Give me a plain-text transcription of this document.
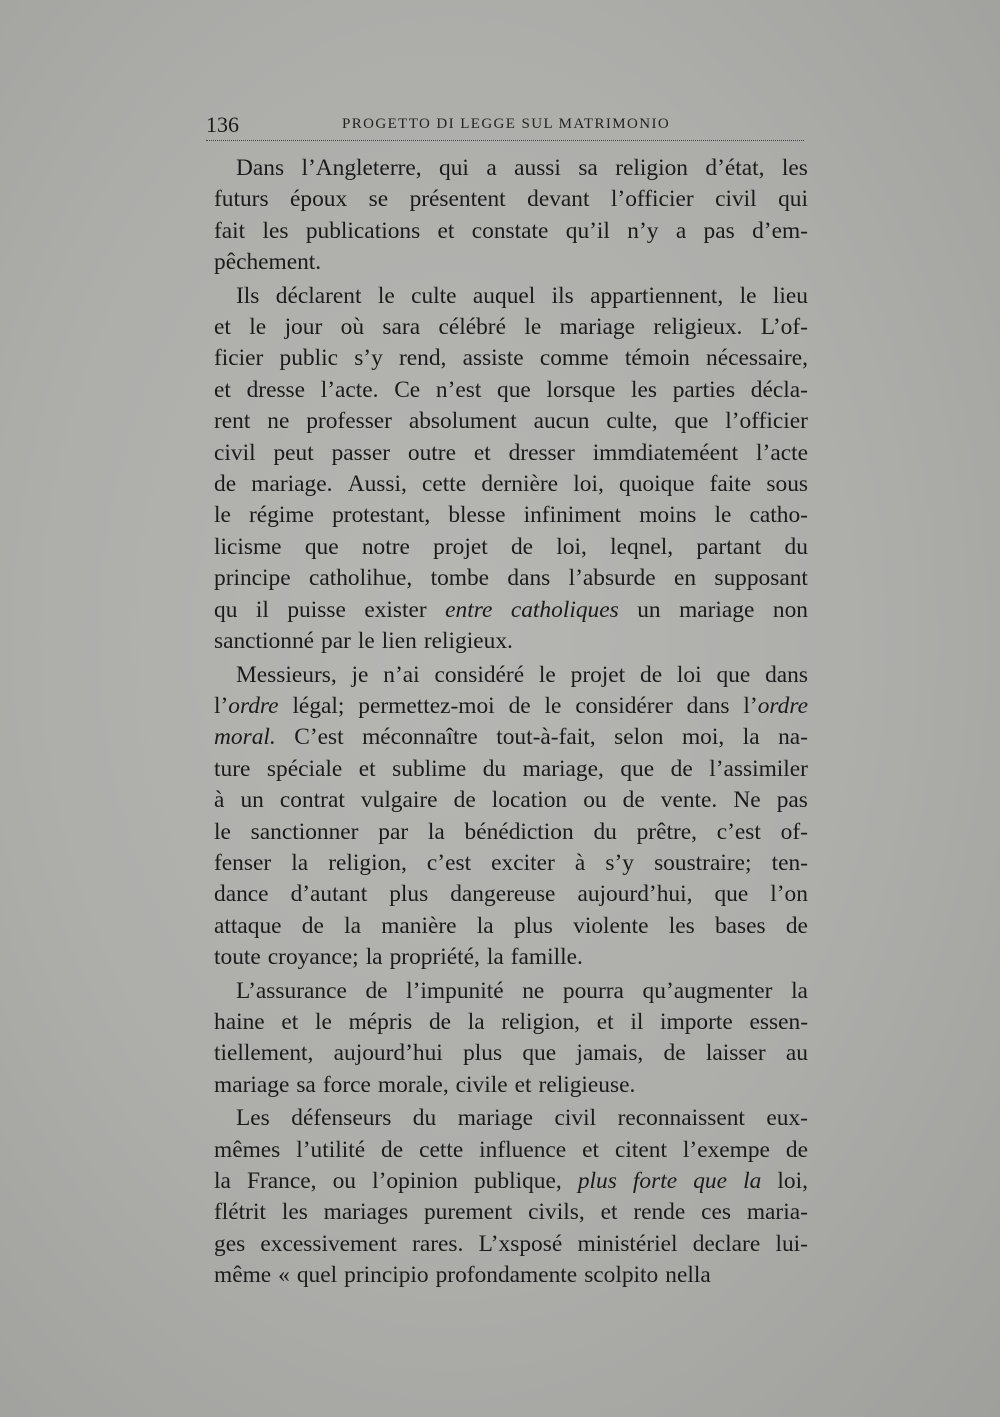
136	PROGETTO DI LEGGE SUL MATRIMONIO
Dans l’Angleterre, qui a aussi sa religion d’état, les
futurs époux se présentent devant l’officier civil qui
fait les publications et constate qu’il n’y a pas d’em-
pêchement.
Ils déclarent le culte auquel ils appartiennent, le lieu
et le jour où sara célébré le mariage religieux. L’of-
ficier public s’y rend, assiste comme témoin nécessaire,
et dresse l’acte. Ce n’est que lorsque les parties décla-
rent ne professer absolument aucun culte, que l’officier
civil peut passer outre et dresser immdiateméent l’acte
de mariage. Aussi, cette dernière loi, quoique faite sous
le régime protestant, blesse infiniment moins le catho-
licisme que notre projet de loi, leqnel, partant du
principe catholihue, tombe dans l’absurde en supposant
qu il puisse exister entre catholiques un mariage non
sanctionné par le lien religieux.
Messieurs, je n’ai considéré le projet de loi que dans
l’ordre légal; permettez-moi de le considérer dans l’ordre
moral. C’est méconnaître tout-à-fait, selon moi, la na-
ture spéciale et sublime du mariage, que de l’assimiler
à un contrat vulgaire de location ou de vente. Ne pas
le sanctionner par la bénédiction du prêtre, c’est of-
fenser la religion, c’est exciter à s’y soustraire; ten-
dance d’autant plus dangereuse aujourd’hui, que l’on
attaque de la manière la plus violente les bases de
toute croyance; la propriété, la famille.
L’assurance de l’impunité ne pourra qu’augmenter la
haine et le mépris de la religion, et il importe essen-
tiellement, aujourd’hui plus que jamais, de laisser au
mariage sa force morale, civile et religieuse.
Les défenseurs du mariage civil reconnaissent eux-
mêmes l’utilité de cette influence et citent l’exempe de
la France, ou l’opinion publique, plus forte que la loi,
flétrit les mariages purement civils, et rende ces maria-
ges excessivement rares. L’xsposé ministériel declare lui-
même « quel principio profondamente scolpito nella
